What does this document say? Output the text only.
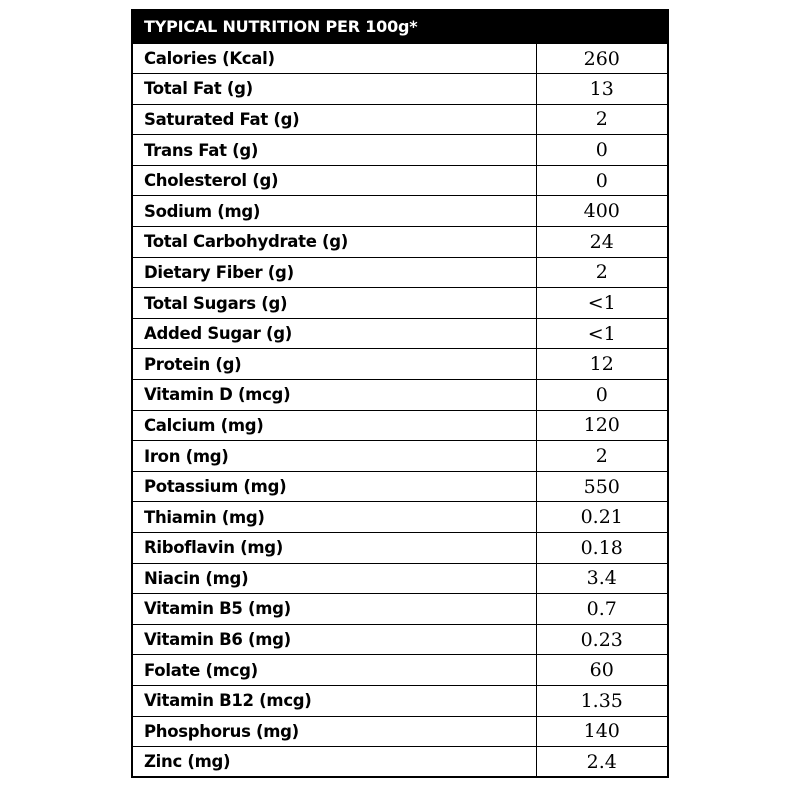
TYPICAL NUTRITION PER 100g*	
Calories (Kcal)	260
Total Fat (g)	13
Saturated Fat (g)	2
Trans Fat (g)	0
Cholesterol (g)	0
Sodium (mg)	400
Total Carbohydrate (g)	24
Dietary Fiber (g)	2
Total Sugars (g)	<1
Added Sugar (g)	<1
Protein (g)	12
Vitamin D (mcg)	0
Calcium (mg)	120
Iron (mg)	2
Potassium (mg)	550
Thiamin (mg)	0.21
Riboflavin (mg)	0.18
Niacin (mg)	3.4
Vitamin B5 (mg)	0.7
Vitamin B6 (mg)	0.23
Folate (mcg)	60
Vitamin B12 (mcg)	1.35
Phosphorus (mg)	140
Zinc (mg)	2.4
